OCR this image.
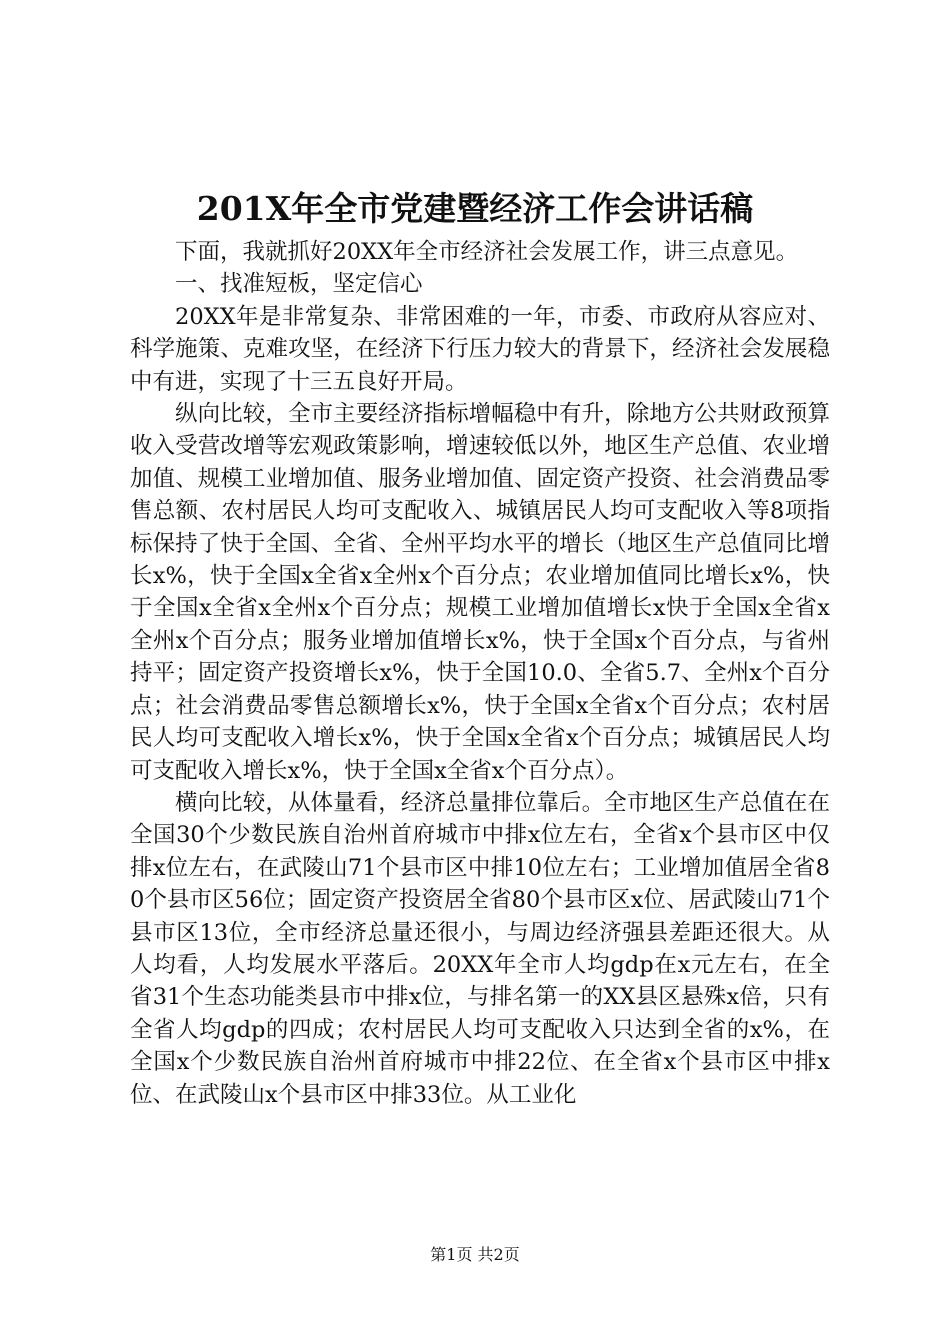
201X年全市党建暨经济工作会讲话稿

下面，我就抓好20XX年全市经济社会发展工作，讲三点意见。

一、找准短板，坚定信心

20XX年是非常复杂、非常困难的一年，市委、市政府从容应对、科学施策、克难攻坚，在经济下行压力较大的背景下，经济社会发展稳中有进，实现了十三五良好开局。

纵向比较，全市主要经济指标增幅稳中有升，除地方公共财政预算收入受营改增等宏观政策影响，增速较低以外，地区生产总值、农业增加值、规模工业增加值、服务业增加值、固定资产投资、社会消费品零售总额、农村居民人均可支配收入、城镇居民人均可支配收入等8项指标保持了快于全国、全省、全州平均水平的增长（地区生产总值同比增长x%，快于全国x全省x全州x个百分点；农业增加值同比增长x%，快于全国x全省x全州x个百分点；规模工业增加值增长x快于全国x全省x全州x个百分点；服务业增加值增长x%，快于全国x个百分点，与省州持平；固定资产投资增长x%，快于全国10.0、全省5.7、全州x个百分点；社会消费品零售总额增长x%，快于全国x全省x个百分点；农村居民人均可支配收入增长x%，快于全国x全省x个百分点；城镇居民人均可支配收入增长x%，快于全国x全省x个百分点）。

横向比较，从体量看，经济总量排位靠后。全市地区生产总值在在全国30个少数民族自治州首府城市中排x位左右，全省x个县市区中仅排x位左右，在武陵山71个县市区中排10位左右；工业增加值居全省80个县市区56位；固定资产投资居全省80个县市区x位、居武陵山71个县市区13位，全市经济总量还很小，与周边经济强县差距还很大。从人均看，人均发展水平落后。20XX年全市人均gdp在x元左右，在全省31个生态功能类县市中排x位，与排名第一的XX县区悬殊x倍，只有全省人均gdp的四成；农村居民人均可支配收入只达到全省的x%，在全国x个少数民族自治州首府城市中排22位、在全省x个县市区中排x位、在武陵山x个县市区中排33位。从工业化

第1页 共2页
